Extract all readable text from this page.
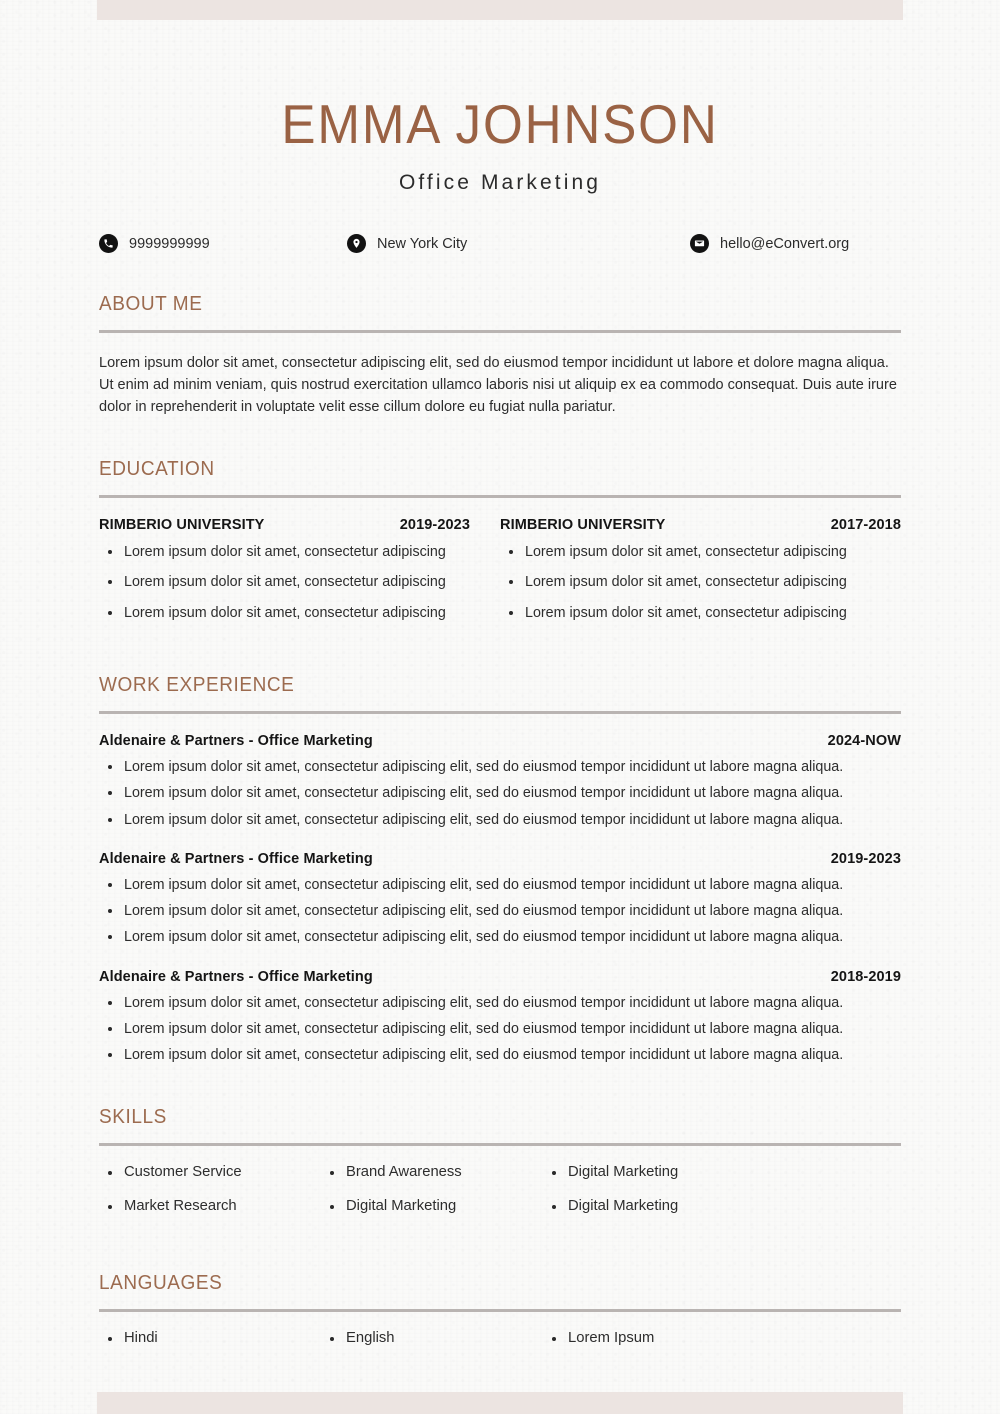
EMMA JOHNSON
Office Marketing
9999999999	New York City	hello@eConvert.org
ABOUT ME

Lorem ipsum dolor sit amet, consectetur adipiscing elit, sed do eiusmod tempor incididunt ut labore et dolore magna aliqua. Ut enim ad minim veniam, quis nostrud exercitation ullamco laboris nisi ut aliquip ex ea commodo consequat. Duis aute irure dolor in reprehenderit in voluptate velit esse cillum dolore eu fugiat nulla pariatur.

EDUCATION
RIMBERIO UNIVERSITY	2019-2023
Lorem ipsum dolor sit amet, consectetur adipiscing
Lorem ipsum dolor sit amet, consectetur adipiscing
Lorem ipsum dolor sit amet, consectetur adipiscing
RIMBERIO UNIVERSITY	2017-2018
Lorem ipsum dolor sit amet, consectetur adipiscing
Lorem ipsum dolor sit amet, consectetur adipiscing
Lorem ipsum dolor sit amet, consectetur adipiscing
WORK EXPERIENCE
Aldenaire & Partners - Office Marketing	2024-NOW
Lorem ipsum dolor sit amet, consectetur adipiscing elit, sed do eiusmod tempor incididunt ut labore magna aliqua.
Lorem ipsum dolor sit amet, consectetur adipiscing elit, sed do eiusmod tempor incididunt ut labore magna aliqua.
Lorem ipsum dolor sit amet, consectetur adipiscing elit, sed do eiusmod tempor incididunt ut labore magna aliqua.
Aldenaire & Partners - Office Marketing	2019-2023
Lorem ipsum dolor sit amet, consectetur adipiscing elit, sed do eiusmod tempor incididunt ut labore magna aliqua.
Lorem ipsum dolor sit amet, consectetur adipiscing elit, sed do eiusmod tempor incididunt ut labore magna aliqua.
Lorem ipsum dolor sit amet, consectetur adipiscing elit, sed do eiusmod tempor incididunt ut labore magna aliqua.
Aldenaire & Partners - Office Marketing	2018-2019
Lorem ipsum dolor sit amet, consectetur adipiscing elit, sed do eiusmod tempor incididunt ut labore magna aliqua.
Lorem ipsum dolor sit amet, consectetur adipiscing elit, sed do eiusmod tempor incididunt ut labore magna aliqua.
Lorem ipsum dolor sit amet, consectetur adipiscing elit, sed do eiusmod tempor incididunt ut labore magna aliqua.
SKILLS
Customer Service	Brand Awareness	Digital Marketing
Market Research	Digital Marketing	Digital Marketing
LANGUAGES
Hindi	English	Lorem Ipsum
